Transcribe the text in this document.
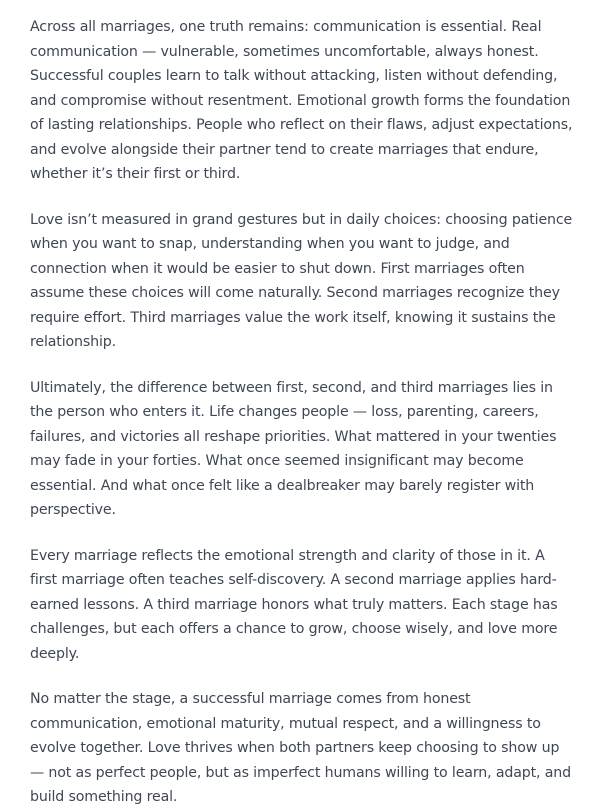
Across all marriages, one truth remains: communication is essential. Real communication — vulnerable, sometimes uncomfortable, always honest. Successful couples learn to talk without attacking, listen without defending, and compromise without resentment. Emotional growth forms the foundation of lasting relationships. People who reflect on their flaws, adjust expectations, and evolve alongside their partner tend to create marriages that endure, whether it’s their first or third.

Love isn’t measured in grand gestures but in daily choices: choosing patience when you want to snap, understanding when you want to judge, and connection when it would be easier to shut down. First marriages often assume these choices will come naturally. Second marriages recognize they require effort. Third marriages value the work itself, knowing it sustains the relationship.

Ultimately, the difference between first, second, and third marriages lies in the person who enters it. Life changes people — loss, parenting, careers, failures, and victories all reshape priorities. What mattered in your twenties may fade in your forties. What once seemed insignificant may become essential. And what once felt like a dealbreaker may barely register with perspective.

Every marriage reflects the emotional strength and clarity of those in it. A first marriage often teaches self-discovery. A second marriage applies hard-earned lessons. A third marriage honors what truly matters. Each stage has challenges, but each offers a chance to grow, choose wisely, and love more deeply.

No matter the stage, a successful marriage comes from honest communication, emotional maturity, mutual respect, and a willingness to evolve together. Love thrives when both partners keep choosing to show up — not as perfect people, but as imperfect humans willing to learn, adapt, and build something real.
